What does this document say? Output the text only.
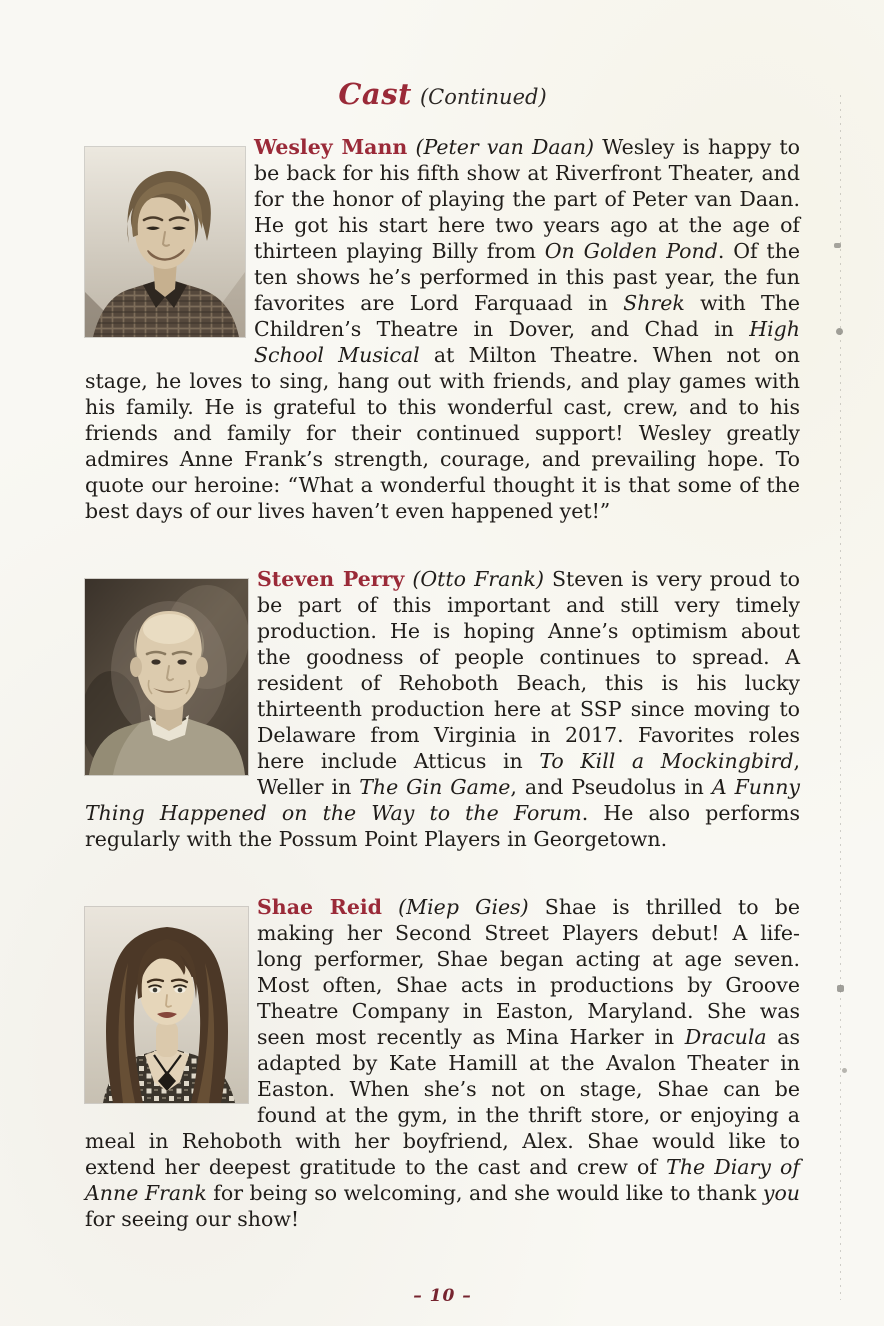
Cast (Continued)

Wesley Mann (Peter van Daan) Wesley is happy to be back for his fifth show at Riverfront Theater, and for the honor of playing the part of Peter van Daan. He got his start here two years ago at the age of thirteen playing Billy from On Golden Pond. Of the ten shows he’s performed in this past year, the fun favorites are Lord Farquaad in Shrek with The Children’s Theatre in Dover, and Chad in High School Musical at Milton Theatre. When not on stage, he loves to sing, hang out with friends, and play games with his family. He is grateful to this wonderful cast, crew, and to his friends and family for their continued support! Wesley greatly admires Anne Frank’s strength, courage, and prevailing hope. To quote our heroine: “What a wonderful thought it is that some of the best days of our lives haven’t even happened yet!”

Steven Perry (Otto Frank) Steven is very proud to be part of this important and still very timely production. He is hoping Anne’s optimism about the goodness of people continues to spread. A resident of Rehoboth Beach, this is his lucky thirteenth production here at SSP since moving to Delaware from Virginia in 2017. Favorites roles here include Atticus in To Kill a Mockingbird, Weller in The Gin Game, and Pseudolus in A Funny Thing Happened on the Way to the Forum. He also performs regularly with the Possum Point Players in Georgetown.

Shae Reid (Miep Gies) Shae is thrilled to be making her Second Street Players debut! A life-long performer, Shae began acting at age seven. Most often, Shae acts in productions by Groove Theatre Company in Easton, Maryland. She was seen most recently as Mina Harker in Dracula as adapted by Kate Hamill at the Avalon Theater in Easton. When she’s not on stage, Shae can be found at the gym, in the thrift store, or enjoying a meal in Rehoboth with her boyfriend, Alex. Shae would like to extend her deepest gratitude to the cast and crew of The Diary of Anne Frank for being so welcoming, and she would like to thank you for seeing our show!

– 10 –
